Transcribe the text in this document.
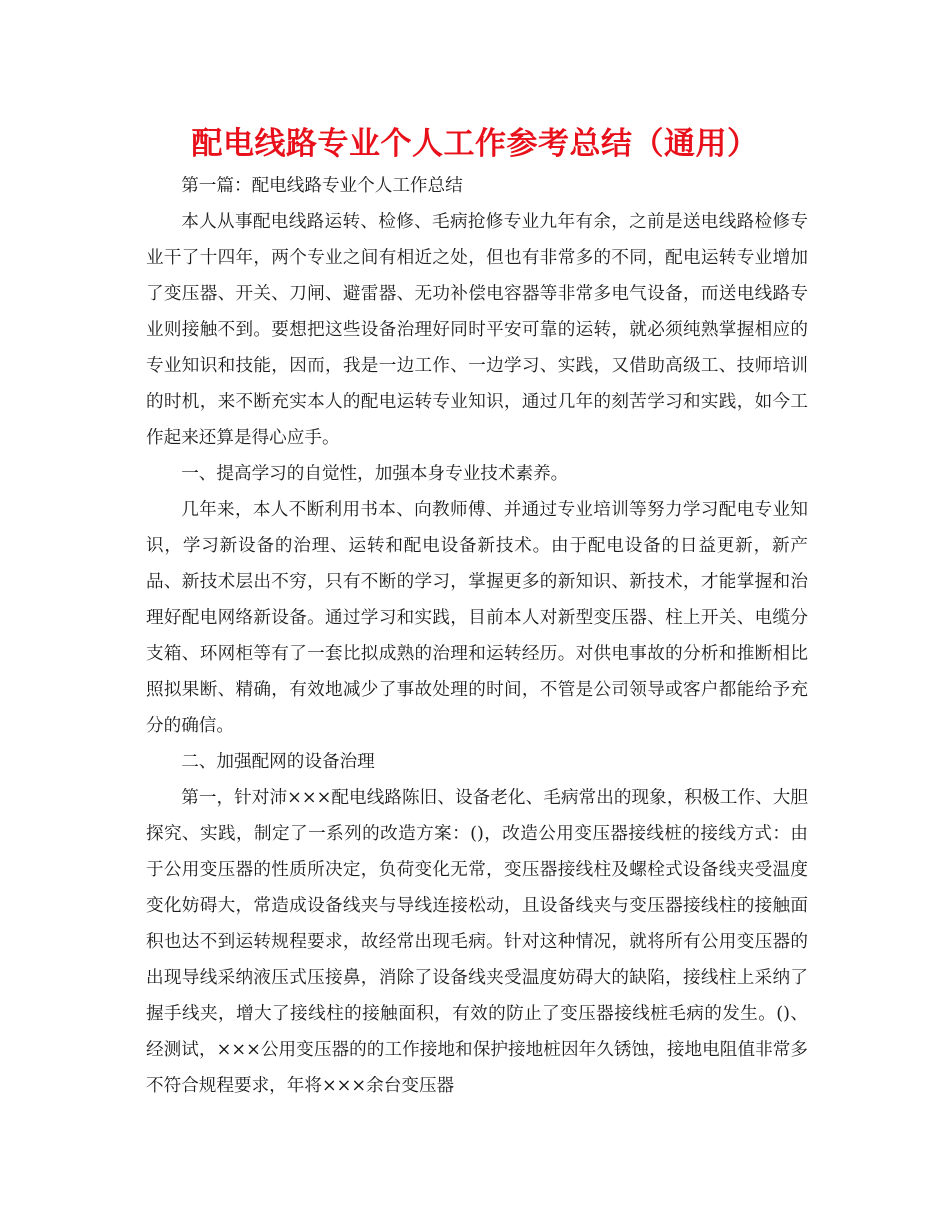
配电线路专业个人工作参考总结（通用）

第一篇：配电线路专业个人工作总结

本人从事配电线路运转、检修、毛病抢修专业九年有余，之前是送电线路检修专业干了十四年，两个专业之间有相近之处，但也有非常多的不同，配电运转专业增加了变压器、开关、刀闸、避雷器、无功补偿电容器等非常多电气设备，而送电线路专业则接触不到。要想把这些设备治理好同时平安可靠的运转，就必须纯熟掌握相应的专业知识和技能，因而，我是一边工作、一边学习、实践，又借助高级工、技师培训的时机，来不断充实本人的配电运转专业知识，通过几年的刻苦学习和实践，如今工作起来还算是得心应手。

一、提高学习的自觉性，加强本身专业技术素养。

几年来，本人不断利用书本、向教师傅、并通过专业培训等努力学习配电专业知识，学习新设备的治理、运转和配电设备新技术。由于配电设备的日益更新，新产品、新技术层出不穷，只有不断的学习，掌握更多的新知识、新技术，才能掌握和治理好配电网络新设备。通过学习和实践，目前本人对新型变压器、柱上开关、电缆分支箱、环网柜等有了一套比拟成熟的治理和运转经历。对供电事故的分析和推断相比照拟果断、精确，有效地减少了事故处理的时间，不管是公司领导或客户都能给予充分的确信。

二、加强配网的设备治理

第一，针对沛×××配电线路陈旧、设备老化、毛病常出的现象，积极工作、大胆探究、实践，制定了一系列的改造方案：()，改造公用变压器接线桩的接线方式：由于公用变压器的性质所决定，负荷变化无常，变压器接线柱及螺栓式设备线夹受温度变化妨碍大，常造成设备线夹与导线连接松动，且设备线夹与变压器接线柱的接触面积也达不到运转规程要求，故经常出现毛病。针对这种情况，就将所有公用变压器的出现导线采纳液压式压接鼻，消除了设备线夹受温度妨碍大的缺陷，接线柱上采纳了握手线夹，增大了接线柱的接触面积，有效的防止了变压器接线桩毛病的发生。()、经测试，×××公用变压器的的工作接地和保护接地桩因年久锈蚀，接地电阻值非常多不符合规程要求，年将×××余台变压器
